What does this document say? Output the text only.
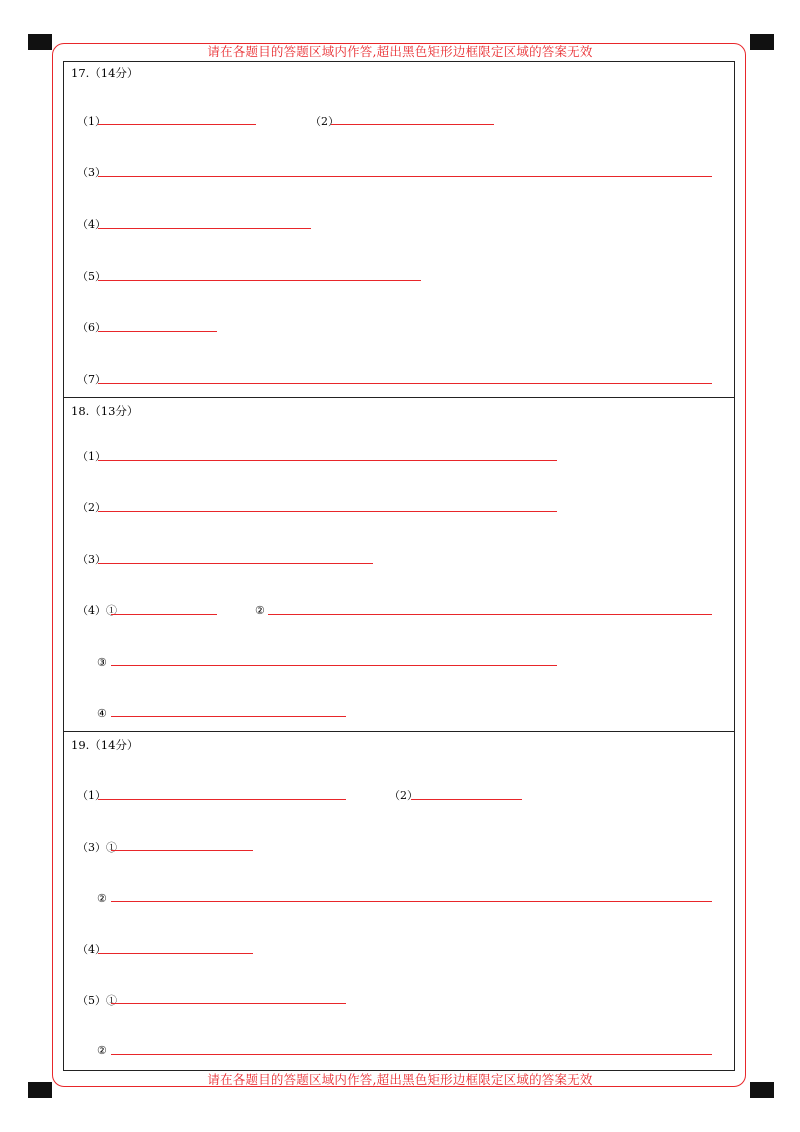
请在各题目的答题区域内作答,超出黑色矩形边框限定区域的答案无效
请在各题目的答题区域内作答,超出黑色矩形边框限定区域的答案无效
17.（14分）
（1）	（2）
（3）
（4）
（5）
（6）
（7）
18.（13分）
（1）
（2）
（3）
（4）①	②
③
④
19.（14分）
（1）	（2）
（3）①
②
（4）
（5）①
②
